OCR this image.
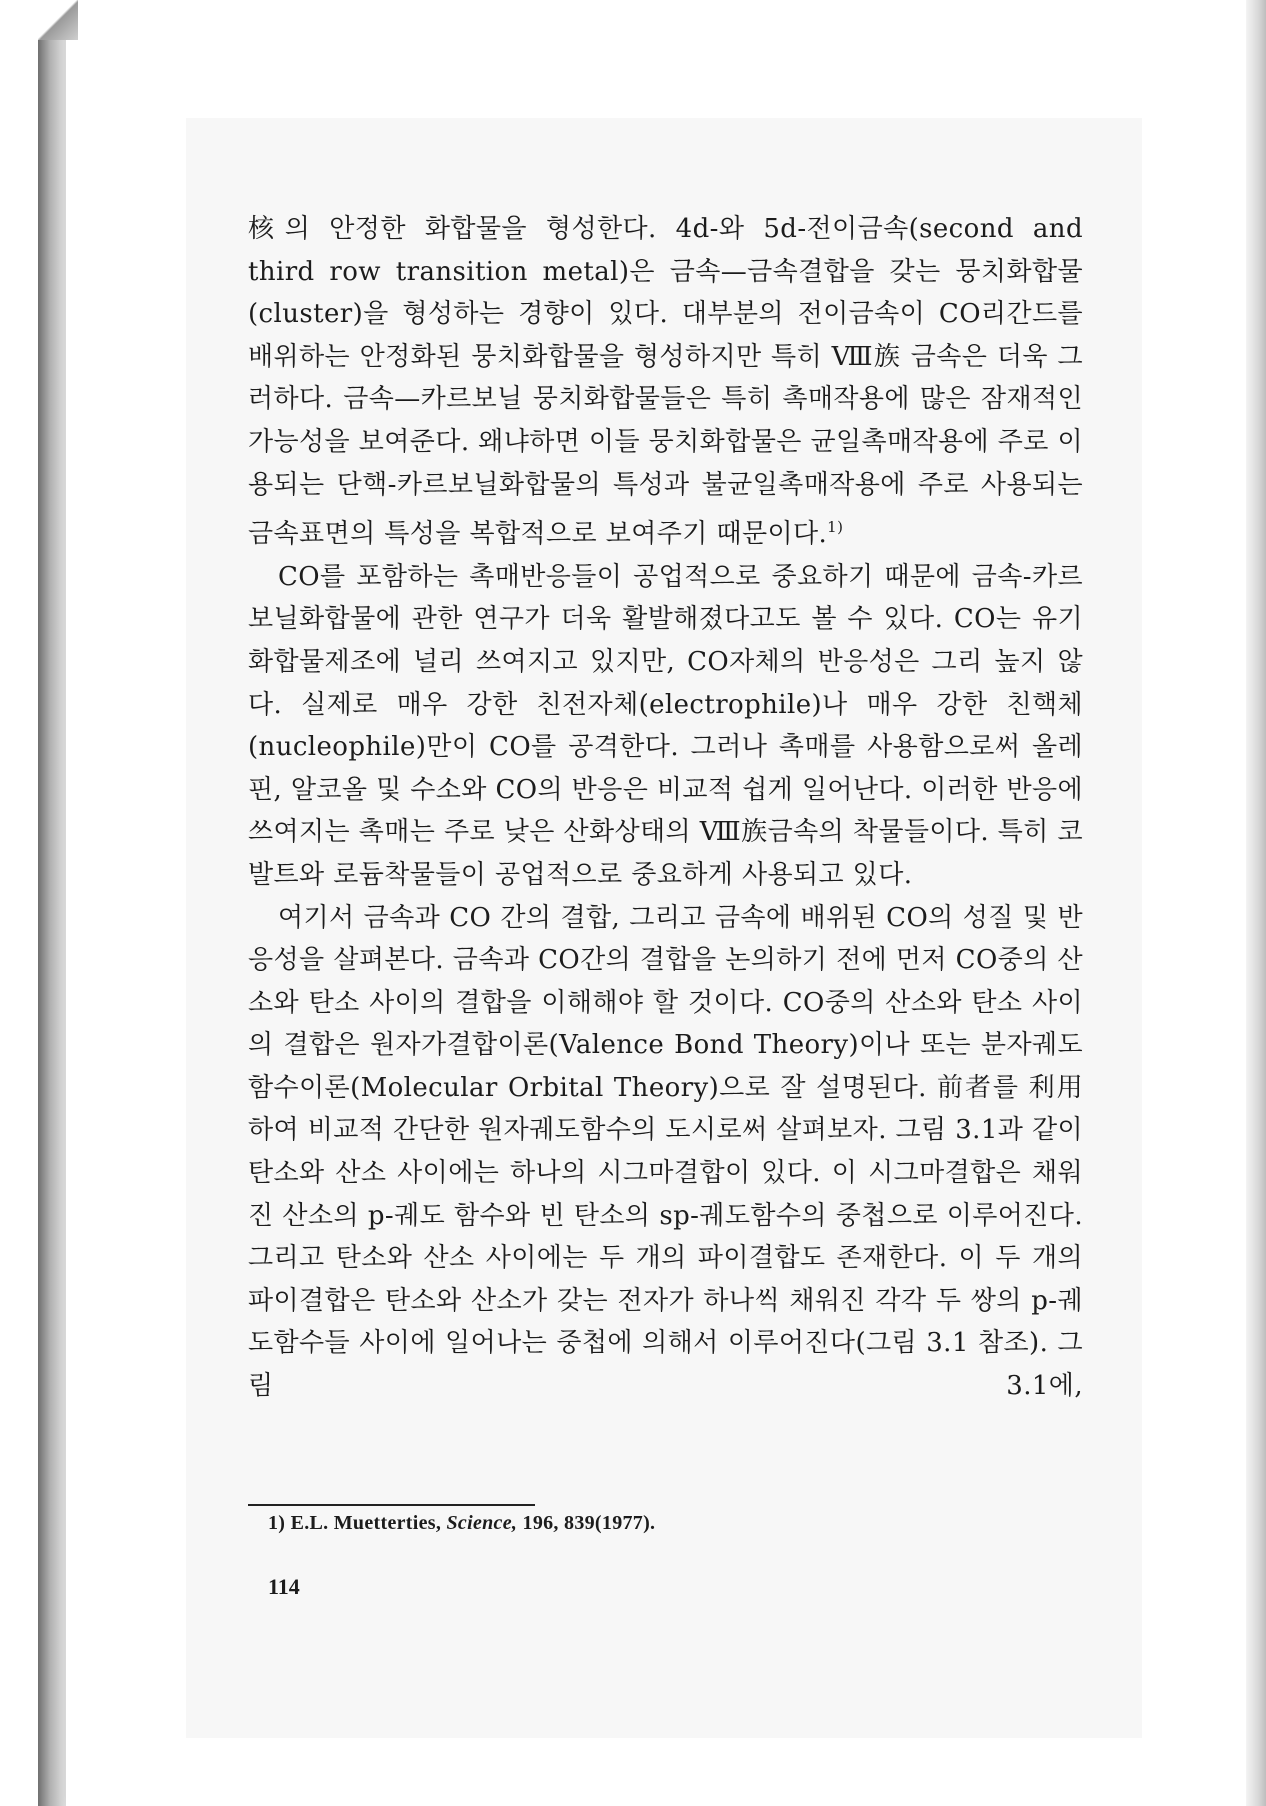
核의 안정한 화합물을 형성한다. 4d-와 5d-전이금속(second and third row transition metal)은 금속—금속결합을 갖는 뭉치화합물(cluster)을 형성하는 경향이 있다. 대부분의 전이금속이 CO리간드를 배위하는 안정화된 뭉치화합물을 형성하지만 특히 Ⅷ族 금속은 더욱 그러하다. 금속—카르보닐 뭉치화합물들은 특히 촉매작용에 많은 잠재적인 가능성을 보여준다. 왜냐하면 이들 뭉치화합물은 균일촉매작용에 주로 이용되는 단핵-카르보닐화합물의 특성과 불균일촉매작용에 주로 사용되는 금속표면의 특성을 복합적으로 보여주기 때문이다.$^{1)}$

CO를 포함하는 촉매반응들이 공업적으로 중요하기 때문에 금속-카르보닐화합물에 관한 연구가 더욱 활발해졌다고도 볼 수 있다. CO는 유기화합물제조에 널리 쓰여지고 있지만, CO자체의 반응성은 그리 높지 않다. 실제로 매우 강한 친전자체(electrophile)나 매우 강한 친핵체(nucleophile)만이 CO를 공격한다. 그러나 촉매를 사용함으로써 올레핀, 알코올 및 수소와 CO의 반응은 비교적 쉽게 일어난다. 이러한 반응에 쓰여지는 촉매는 주로 낮은 산화상태의 Ⅷ族금속의 착물들이다. 특히 코발트와 로듐착물들이 공업적으로 중요하게 사용되고 있다.

여기서 금속과 CO 간의 결합, 그리고 금속에 배위된 CO의 성질 및 반응성을 살펴본다. 금속과 CO간의 결합을 논의하기 전에 먼저 CO중의 산소와 탄소 사이의 결합을 이해해야 할 것이다. CO중의 산소와 탄소 사이의 결합은 원자가결합이론(Valence Bond Theory)이나 또는 분자궤도함수이론(Molecular Orbital Theory)으로 잘 설명된다. 前者를 利用하여 비교적 간단한 원자궤도함수의 도시로써 살펴보자. 그림 3.1과 같이 탄소와 산소 사이에는 하나의 시그마결합이 있다. 이 시그마결합은 채워진 산소의 p-궤도 함수와 빈 탄소의 sp-궤도함수의 중첩으로 이루어진다. 그리고 탄소와 산소 사이에는 두 개의 파이결합도 존재한다. 이 두 개의 파이결합은 탄소와 산소가 갖는 전자가 하나씩 채워진 각각 두 쌍의 p-궤도함수들 사이에 일어나는 중첩에 의해서 이루어진다(그림 3.1 참조). 그림 3.1에,

1) E.L. Muetterties, Science, 196, 839(1977).
114
